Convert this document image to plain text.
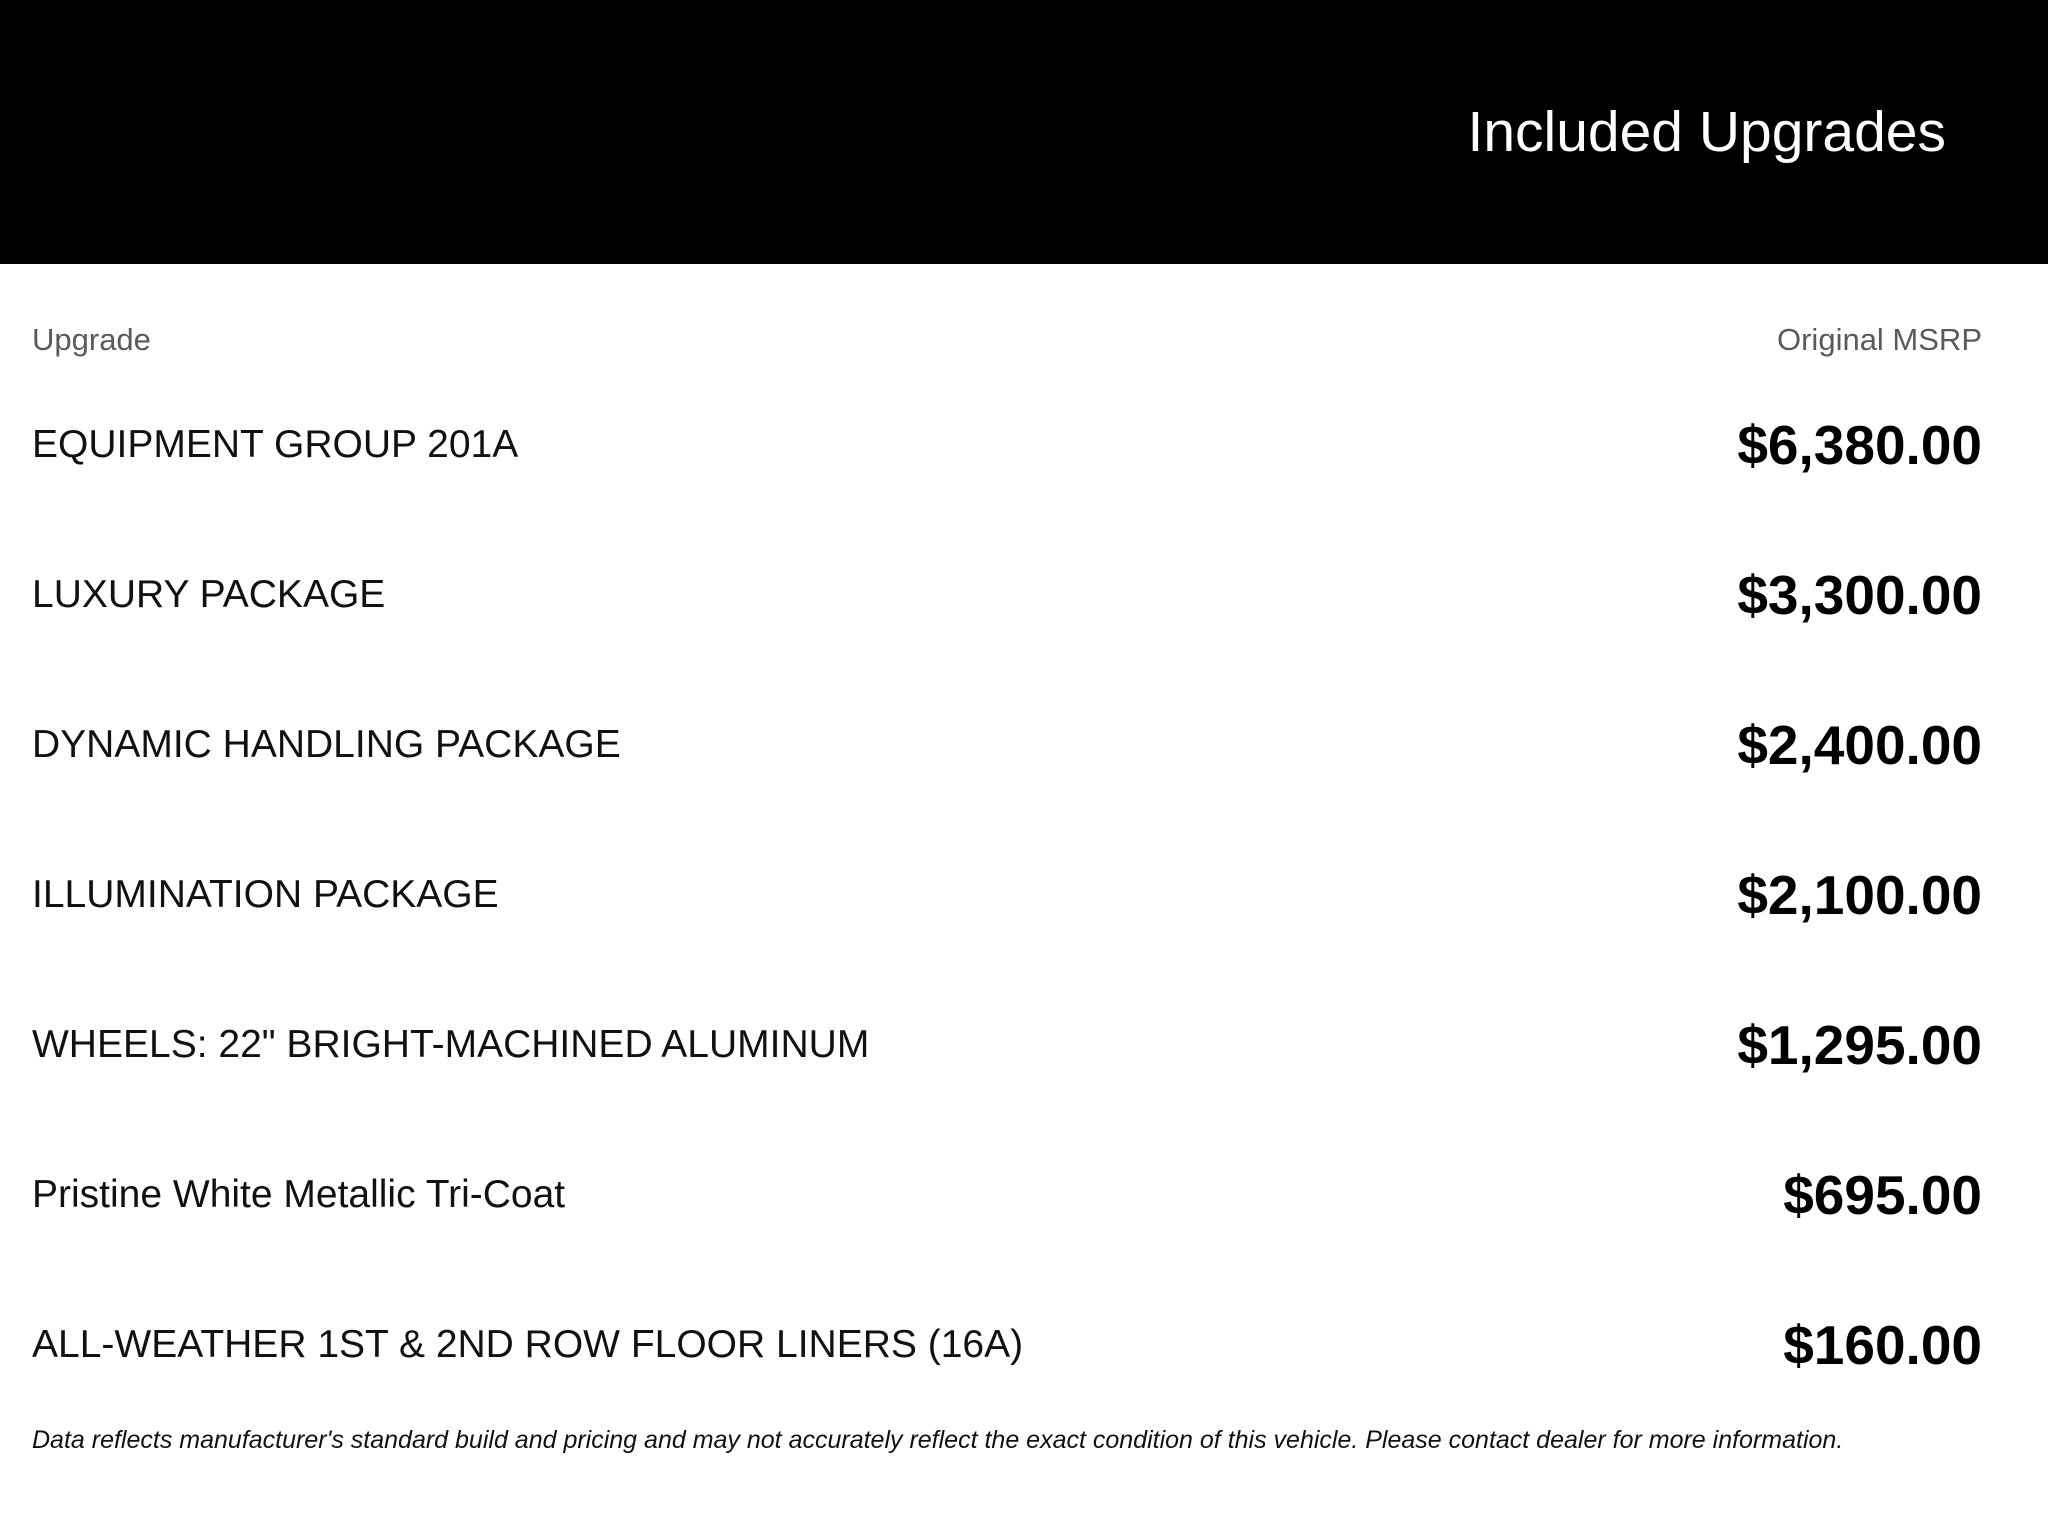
Included Upgrades
Upgrade	Original MSRP
EQUIPMENT GROUP 201A	$6,380.00
LUXURY PACKAGE	$3,300.00
DYNAMIC HANDLING PACKAGE	$2,400.00
ILLUMINATION PACKAGE	$2,100.00
WHEELS: 22" BRIGHT-MACHINED ALUMINUM	$1,295.00
Pristine White Metallic Tri-Coat	$695.00
ALL-WEATHER 1ST & 2ND ROW FLOOR LINERS (16A)	$160.00
Data reflects manufacturer's standard build and pricing and may not accurately reflect the exact condition of this vehicle. Please contact dealer for more information.
